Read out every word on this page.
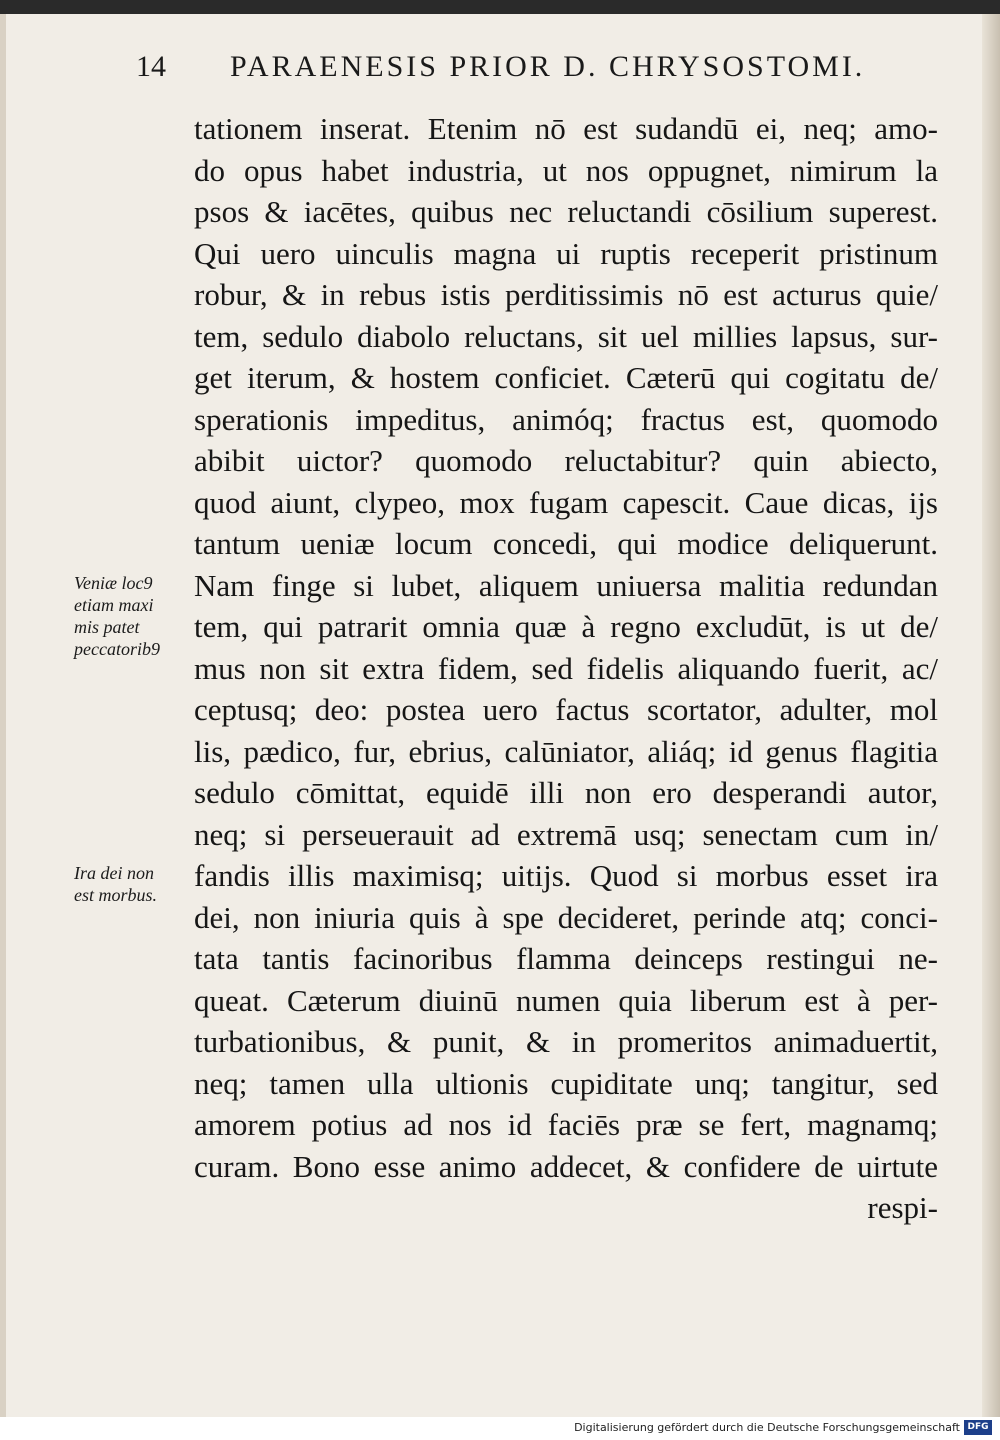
14 PARAENESIS PRIOR D. CHRYSOSTOMI.
tationem inserat. Etenim nō est sudandū ei, neq; amo-
do opus habet industria, ut nos oppugnet, nimirum la
psos & iacētes, quibus nec reluctandi cōsilium superest.
Qui uero uinculis magna ui ruptis receperit pristinum
robur, & in rebus istis perditissimis nō est acturus quie/
tem, sedulo diabolo reluctans, sit uel millies lapsus, sur-
get iterum, & hostem conficiet. Cæterū qui cogitatu de/
sperationis impeditus, animóq; fractus est, quomodo
abibit uictor? quomodo reluctabitur? quin abiecto,
quod aiunt, clypeo, mox fugam capescit. Caue dicas, ijs
tantum ueniæ locum concedi, qui modice deliquerunt.
Nam finge si lubet, aliquem uniuersa malitia redundan
tem, qui patrarit omnia quæ à regno excludūt, is ut de/
mus non sit extra fidem, sed fidelis aliquando fuerit, ac/
ceptusq; deo: postea uero factus scortator, adulter, mol
lis, pædico, fur, ebrius, calūniator, aliáq; id genus flagitia
sedulo cōmittat, equidē illi non ero desperandi autor,
neq; si perseuerauit ad extremā usq; senectam cum in/
fandis illis maximisq; uitijs. Quod si morbus esset ira
dei, non iniuria quis à spe decideret, perinde atq; conci-
tata tantis facinoribus flamma deinceps restingui ne-
queat. Cæterum diuinū numen quia liberum est à per-
turbationibus, & punit, & in promeritos animaduertit,
neq; tamen ulla ultionis cupiditate unq; tangitur, sed
amorem potius ad nos id faciēs præ se fert, magnamq;
curam. Bono esse animo addecet, & confidere de uirtute
respi-
Veniæ loc9
etiam maxi
mis patet
peccatorib9
Ira dei non
est morbus.
Digitalisierung gefördert durch die Deutsche Forschungsgemeinschaft DFG
